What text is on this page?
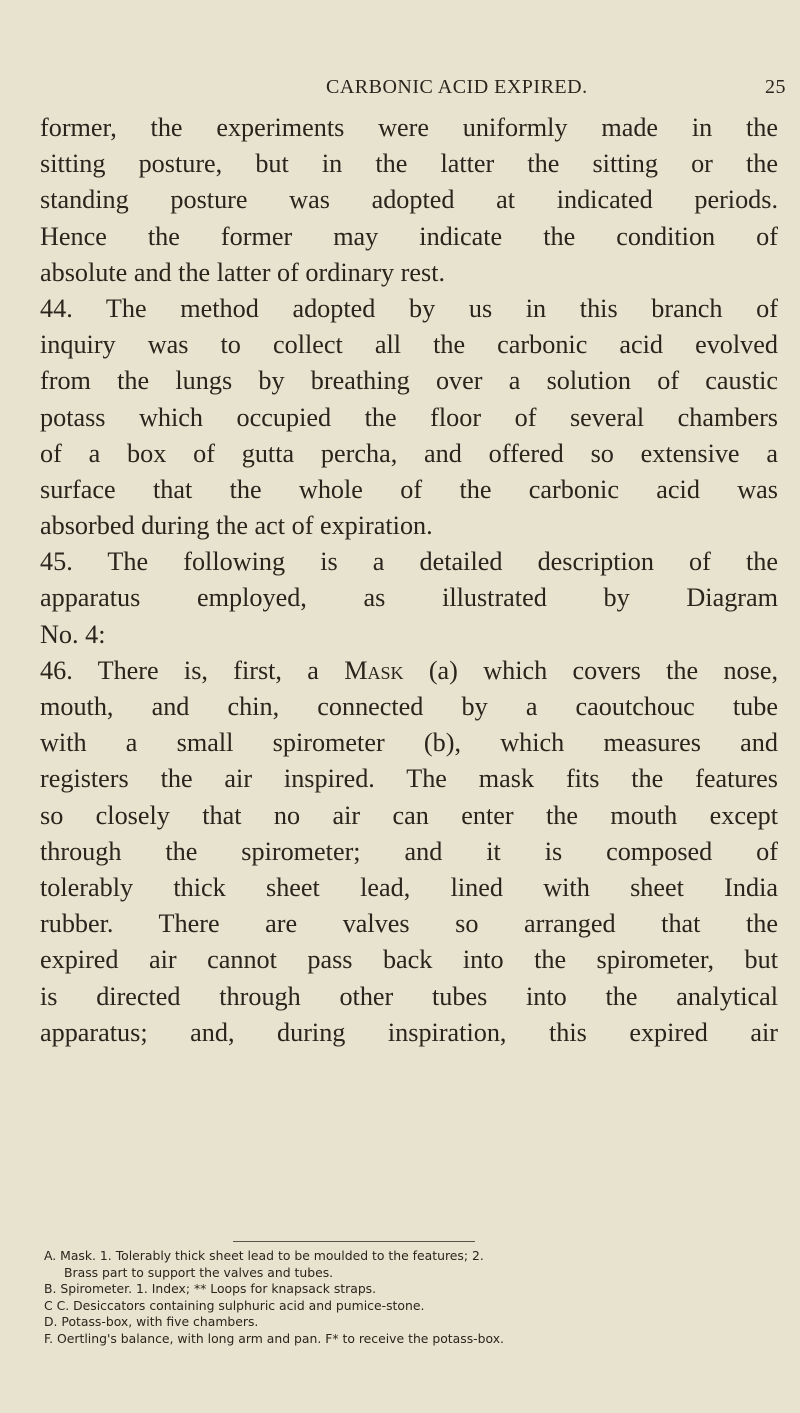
CARBONIC ACID EXPIRED.	25
former, the experiments were uniformly made in the
sitting posture, but in the latter the sitting or the
standing posture was adopted at indicated periods.
Hence the former may indicate the condition of
absolute and the latter of ordinary rest.
44. The method adopted by us in this branch of
inquiry was to collect all the carbonic acid evolved
from the lungs by breathing over a solution of caustic
potass which occupied the floor of several chambers
of a box of gutta percha, and offered so extensive a
surface that the whole of the carbonic acid was
absorbed during the act of expiration.
45. The following is a detailed description of the
apparatus employed, as illustrated by Diagram
No. 4:
46. There is, first, a Mask (a) which covers the nose,
mouth, and chin, connected by a caoutchouc tube
with a small spirometer (b), which measures and
registers the air inspired. The mask fits the features
so closely that no air can enter the mouth except
through the spirometer; and it is composed of
tolerably thick sheet lead, lined with sheet India
rubber. There are valves so arranged that the
expired air cannot pass back into the spirometer, but
is directed through other tubes into the analytical
apparatus; and, during inspiration, this expired air
A. Mask. 1. Tolerably thick sheet lead to be moulded to the features; 2.
Brass part to support the valves and tubes.
B. Spirometer. 1. Index; ** Loops for knapsack straps.
C C. Desiccators containing sulphuric acid and pumice-stone.
D. Potass-box, with five chambers.
F. Oertling's balance, with long arm and pan. F* to receive the potass-box.
